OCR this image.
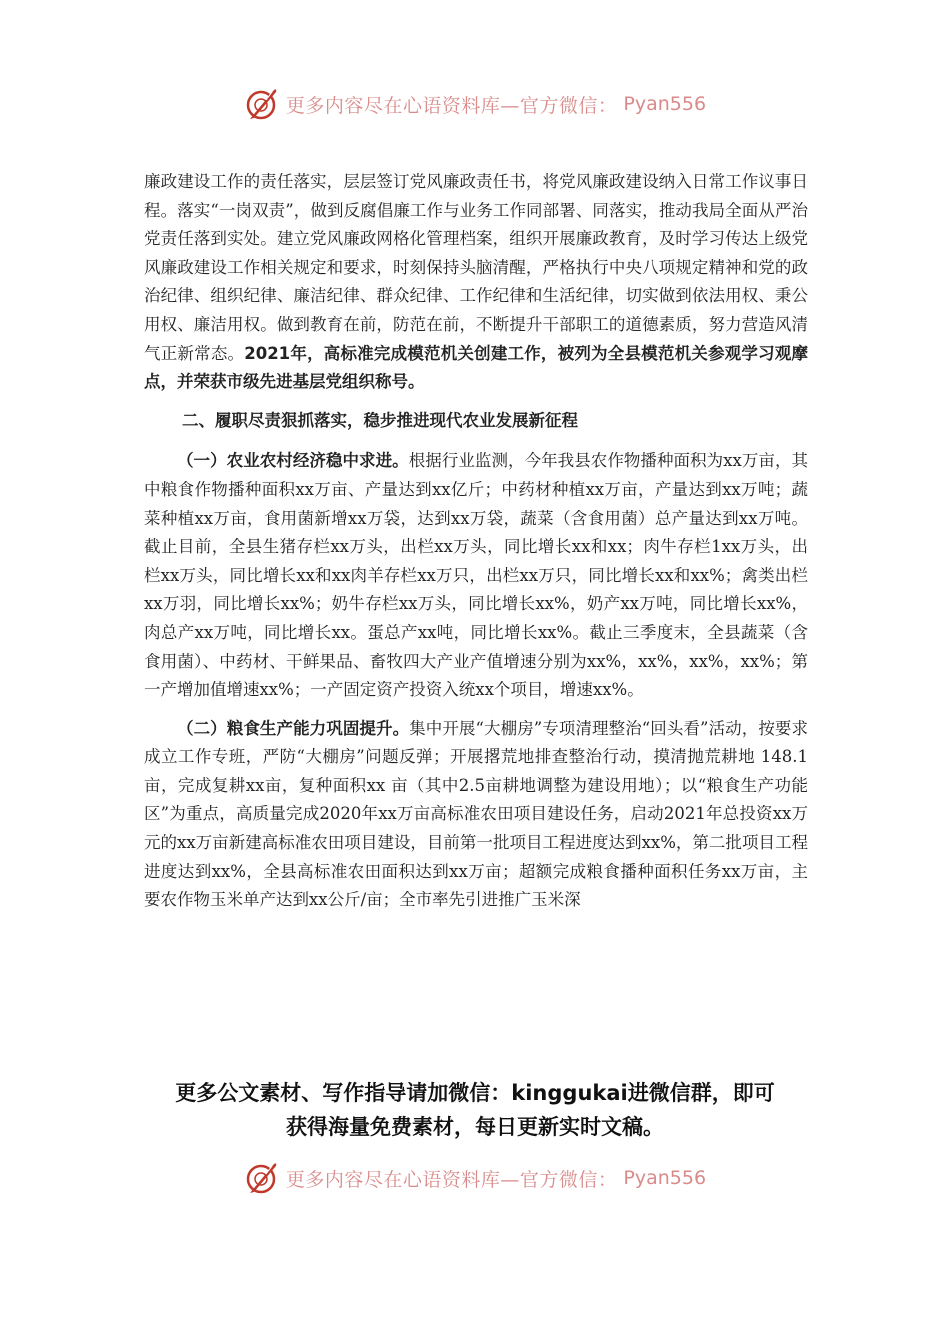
更多内容尽在心语资料库—官方微信： Pyan556

廉政建设工作的责任落实，层层签订党风廉政责任书，将党风廉政建设纳入日常工作议事日程。落实“一岗双责”，做到反腐倡廉工作与业务工作同部署、同落实，推动我局全面从严治党责任落到实处。建立党风廉政网格化管理档案，组织开展廉政教育，及时学习传达上级党风廉政建设工作相关规定和要求，时刻保持头脑清醒，严格执行中央八项规定精神和党的政治纪律、组织纪律、廉洁纪律、群众纪律、工作纪律和生活纪律，切实做到依法用权、秉公用权、廉洁用权。做到教育在前，防范在前，不断提升干部职工的道德素质，努力营造风清气正新常态。2021年，高标准完成模范机关创建工作，被列为全县模范机关参观学习观摩点，并荣获市级先进基层党组织称号。

二、履职尽责狠抓落实，稳步推进现代农业发展新征程

（一）农业农村经济稳中求进。根据行业监测，今年我县农作物播种面积为xx万亩，其中粮食作物播种面积xx万亩、产量达到xx亿斤；中药材种植xx万亩，产量达到xx万吨；蔬菜种植xx万亩，食用菌新增xx万袋，达到xx万袋，蔬菜（含食用菌）总产量达到xx万吨。截止目前，全县生猪存栏xx万头，出栏xx万头，同比增长xx和xx；肉牛存栏1xx万头，出栏xx万头，同比增长xx和xx肉羊存栏xx万只，出栏xx万只，同比增长xx和xx%；禽类出栏xx万羽，同比增长xx%；奶牛存栏xx万头，同比增长xx%，奶产xx万吨，同比增长xx%，肉总产xx万吨，同比增长xx。蛋总产xx吨，同比增长xx%。截止三季度末，全县蔬菜（含食用菌）、中药材、干鲜果品、畜牧四大产业产值增速分别为xx%，xx%，xx%，xx%；第一产增加值增速xx%；一产固定资产投资入统xx个项目，增速xx%。

（二）粮食生产能力巩固提升。集中开展“大棚房”专项清理整治“回头看”活动，按要求成立工作专班，严防“大棚房”问题反弹；开展撂荒地排查整治行动，摸清抛荒耕地 148.1亩，完成复耕xx亩，复种面积xx 亩（其中2.5亩耕地调整为建设用地）；以“粮食生产功能区”为重点，高质量完成2020年xx万亩高标准农田项目建设任务，启动2021年总投资xx万元的xx万亩新建高标准农田项目建设，目前第一批项目工程进度达到xx%，第二批项目工程进度达到xx%，全县高标准农田面积达到xx万亩；超额完成粮食播种面积任务xx万亩，主要农作物玉米单产达到xx公斤/亩；全市率先引进推广玉米深

更多公文素材、写作指导请加微信：kinggukai进微信群，即可
获得海量免费素材，每日更新实时文稿。
更多内容尽在心语资料库—官方微信： Pyan556
